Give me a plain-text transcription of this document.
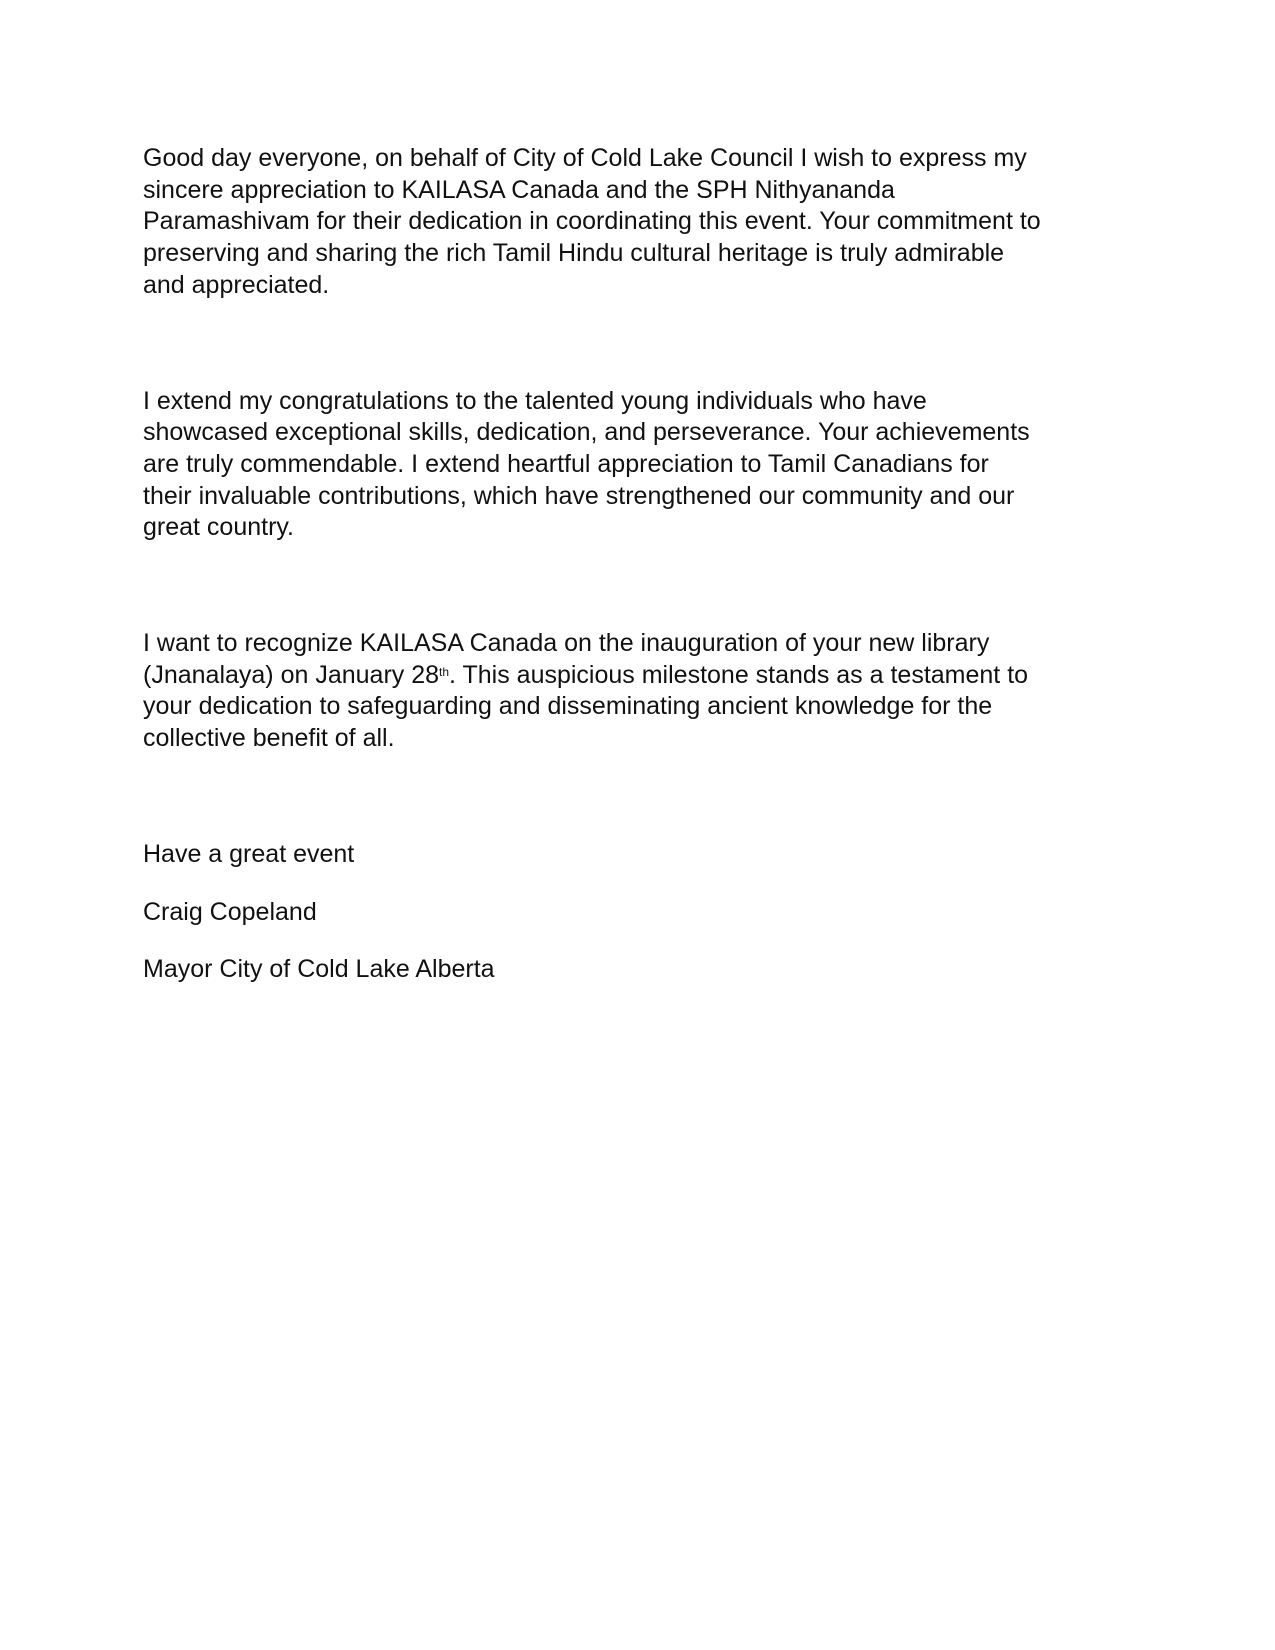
Good day everyone, on behalf of City of Cold Lake Council I wish to express my
sincere appreciation to KAILASA Canada and the SPH Nithyananda
Paramashivam for their dedication in coordinating this event. Your commitment to
preserving and sharing the rich Tamil Hindu cultural heritage is truly admirable
and appreciated.

I extend my congratulations to the talented young individuals who have
showcased exceptional skills, dedication, and perseverance. Your achievements
are truly commendable. I extend heartful appreciation to Tamil Canadians for
their invaluable contributions, which have strengthened our community and our
great country.

I want to recognize KAILASA Canada on the inauguration of your new library
(Jnanalaya) on January 28th. This auspicious milestone stands as a testament to
your dedication to safeguarding and disseminating ancient knowledge for the
collective benefit of all.

Have a great event

Craig Copeland

Mayor City of Cold Lake Alberta
